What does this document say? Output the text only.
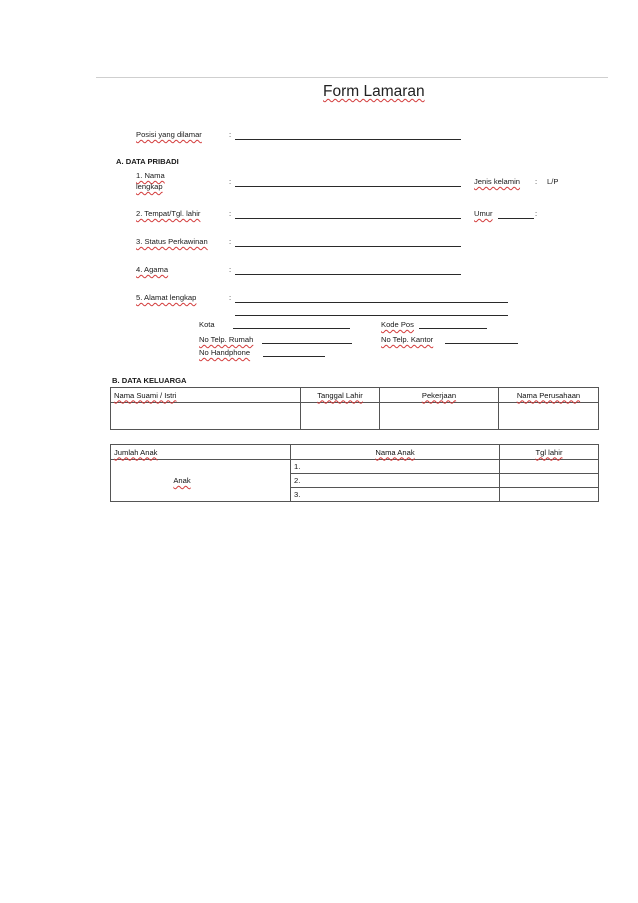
Form Lamaran
Posisi yang dilamar	:
A. DATA PRIBADI
1. Nama
lengkap
:	Jenis kelamin : L/P
2. Tempat/Tgl. lahir	:	Umur	:
3. Status Perkawinan	:
4. Agama	:
5. Alamat lengkap	:
Kota	Kode Pos
No Telp. Rumah	No Telp. Kantor
No Handphone
B. DATA KELUARGA
Nama Suami / Istri	Tanggal Lahir	Pekerjaan	Nama Perusahaan

Jumlah Anak	Nama Anak	Tgl lahir
Anak	1.	
	2.	
	3.	
